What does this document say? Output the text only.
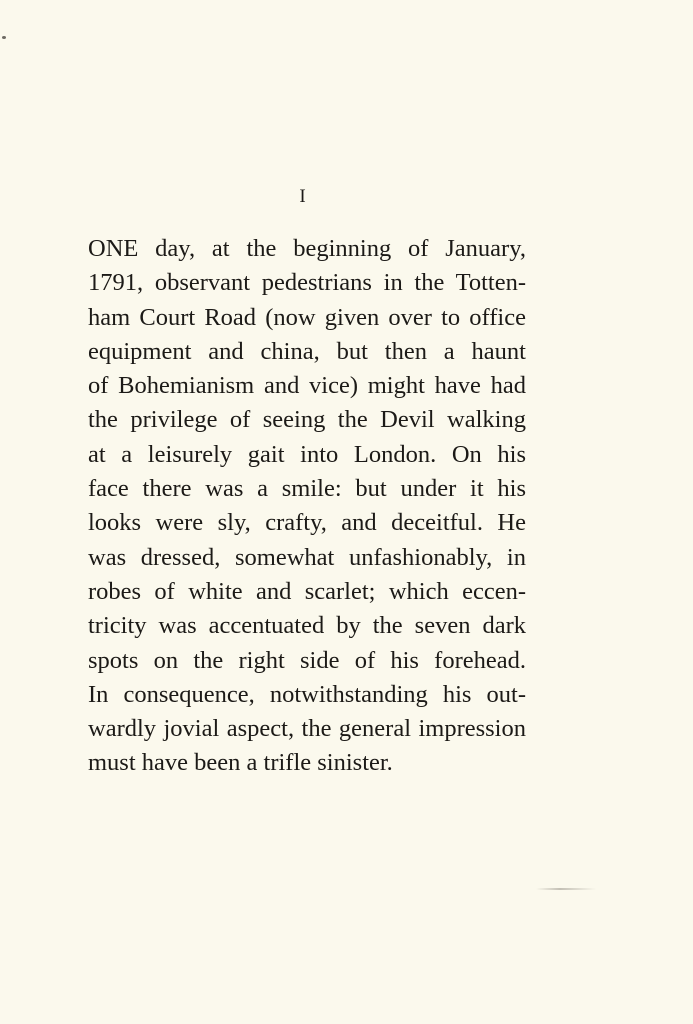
I
ONE day, at the beginning of January,
1791, observant pedestrians in the Totten-
ham Court Road (now given over to office
equipment and china, but then a haunt
of Bohemianism and vice) might have had
the privilege of seeing the Devil walking
at a leisurely gait into London. On his
face there was a smile: but under it his
looks were sly, crafty, and deceitful. He
was dressed, somewhat unfashionably, in
robes of white and scarlet; which eccen-
tricity was accentuated by the seven dark
spots on the right side of his forehead.
In consequence, notwithstanding his out-
wardly jovial aspect, the general impression
must have been a trifle sinister.
